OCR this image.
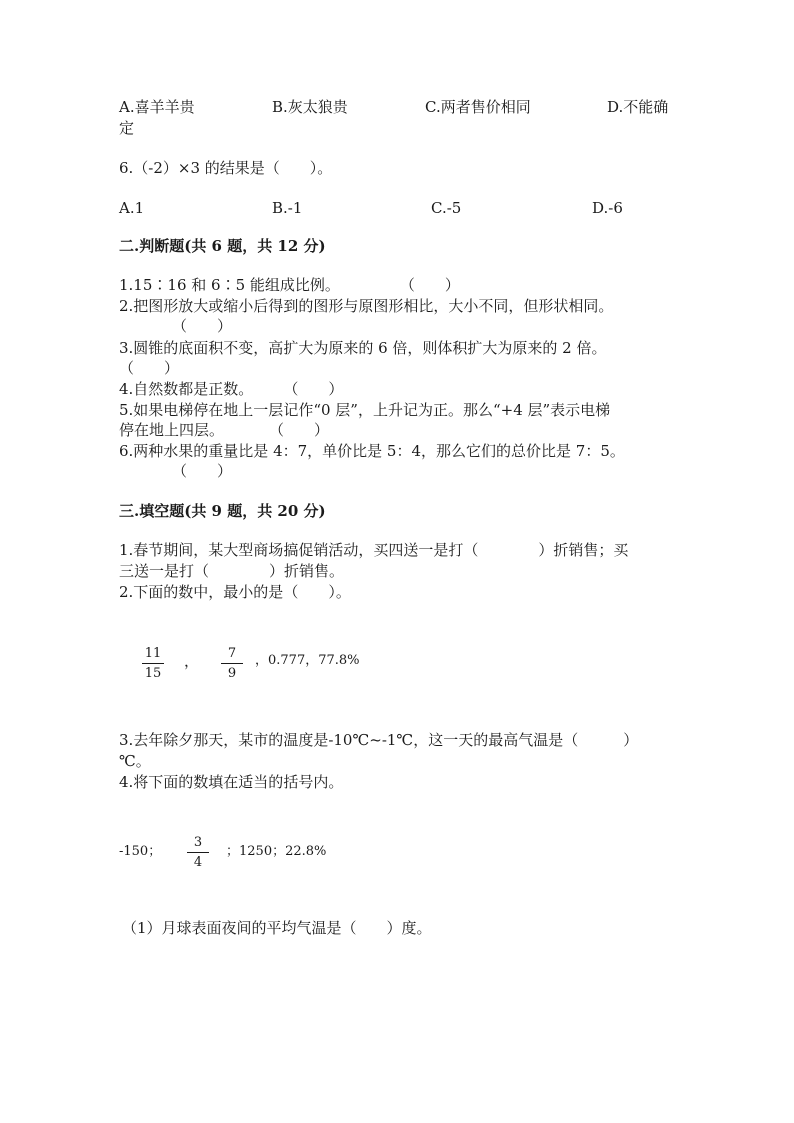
A.喜羊羊贵	B.灰太狼贵	C.两者售价相同	D.不能确
定
6.（-2）×3 的结果是（　　）。
A.1	B.-1	C.-5	D.-6
二.判断题(共 6 题，共 12 分)
1.15∶16 和 6∶5 能组成比例。　　　　　（　　）
2.把图形放大或缩小后得到的图形与原图形相比，大小不同，但形状相同。
（　　）
3.圆锥的底面积不变，高扩大为原来的 6 倍，则体积扩大为原来的 2 倍。
（　　）
4.自然数都是正数。　　　（　　）
5.如果电梯停在地上一层记作“0 层”，上升记为正。那么“+4 层”表示电梯
停在地上四层。　　　　（　　）
6.两种水果的重量比是 4：7，单价比是 5：4，那么它们的总价比是 7：5。
（　　）
三.填空题(共 9 题，共 20 分)
1.春节期间，某大型商场搞促销活动，买四送一是打（　　　　）折销售；买
三送一是打（　　　　）折销售。
2.下面的数中，最小的是（　　）。
11
15
，	7
9
，0.777，77.8%
3.去年除夕那天，某市的温度是-10℃~-1℃，这一天的最高气温是（　　　）
℃。
4.将下面的数填在适当的括号内。
-150；
3
4
；1250；22.8%
（1）月球表面夜间的平均气温是（　　）度。
